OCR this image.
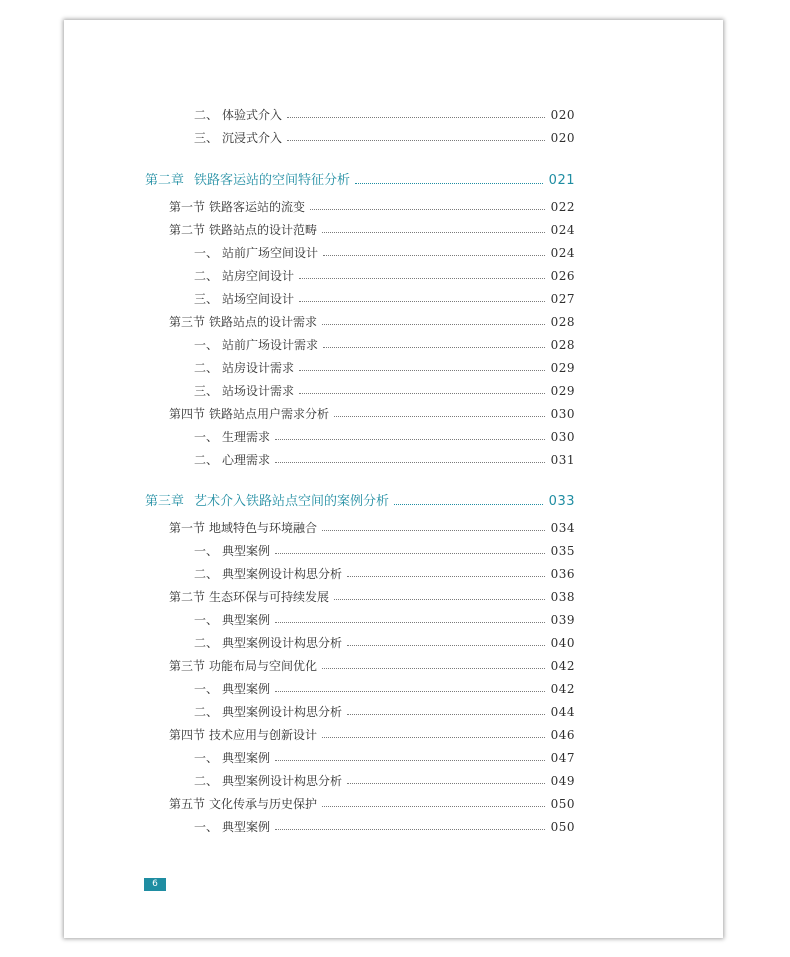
二、 体验式介入	020
三、 沉浸式介入	020
第二章 铁路客运站的空间特征分析	021
第一节 铁路客运站的流变	022
第二节 铁路站点的设计范畴	024
一、 站前广场空间设计	024
二、 站房空间设计	026
三、 站场空间设计	027
第三节 铁路站点的设计需求	028
一、 站前广场设计需求	028
二、 站房设计需求	029
三、 站场设计需求	029
第四节 铁路站点用户需求分析	030
一、 生理需求	030
二、 心理需求	031
第三章 艺术介入铁路站点空间的案例分析	033
第一节 地域特色与环境融合	034
一、 典型案例	035
二、 典型案例设计构思分析	036
第二节 生态环保与可持续发展	038
一、 典型案例	039
二、 典型案例设计构思分析	040
第三节 功能布局与空间优化	042
一、 典型案例	042
二、 典型案例设计构思分析	044
第四节 技术应用与创新设计	046
一、 典型案例	047
二、 典型案例设计构思分析	049
第五节 文化传承与历史保护	050
一、 典型案例	050
6
